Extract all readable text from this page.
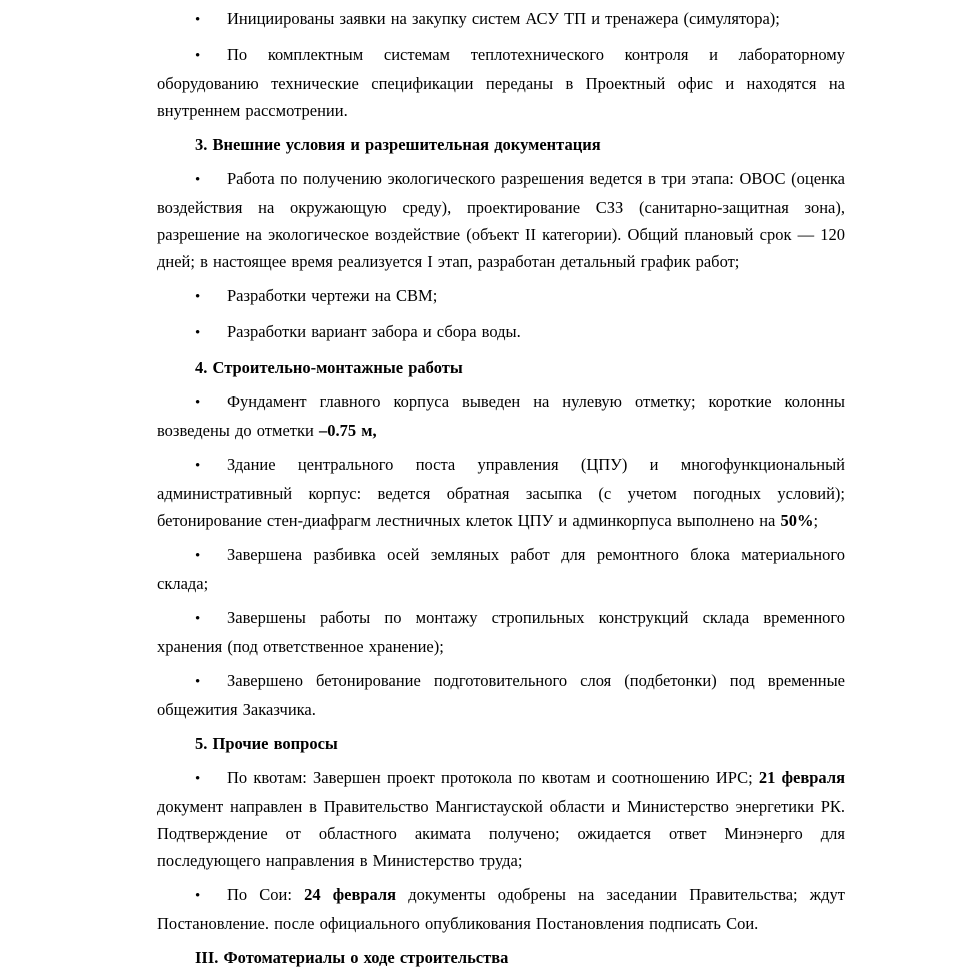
• Инициированы заявки на закупку систем АСУ ТП и тренажера (симулятора);

• По комплектным системам теплотехнического контроля и лабораторному оборудованию технические спецификации переданы в Проектный офис и находятся на внутреннем рассмотрении.

3. Внешние условия и разрешительная документация

• Работа по получению экологического разрешения ведется в три этапа: ОВОС (оценка воздействия на окружающую среду), проектирование СЗЗ (санитарно-защитная зона), разрешение на экологическое воздействие (объект II категории). Общий плановый срок — 120 дней; в настоящее время реализуется I этап, разработан детальный график работ;

• Разработки чертежи на СВМ;

• Разработки вариант забора и сбора воды.

4. Строительно-монтажные работы

• Фундамент главного корпуса выведен на нулевую отметку; короткие колонны возведены до отметки –0.75 м,

• Здание центрального поста управления (ЦПУ) и многофункциональный административный корпус: ведется обратная засыпка (с учетом погодных условий); бетонирование стен-диафрагм лестничных клеток ЦПУ и админкорпуса выполнено на 50%;

• Завершена разбивка осей земляных работ для ремонтного блока материального склада;

• Завершены работы по монтажу стропильных конструкций склада временного хранения (под ответственное хранение);

• Завершено бетонирование подготовительного слоя (подбетонки) под временные общежития Заказчика.

5. Прочие вопросы

• По квотам: Завершен проект протокола по квотам и соотношению ИРС; 21 февраля документ направлен в Правительство Мангистауской области и Министерство энергетики РК. Подтверждение от областного акимата получено; ожидается ответ Минэнерго для последующего направления в Министерство труда;

• По Сои: 24 февраля документы одобрены на заседании Правительства; ждут Постановление. после официального опубликования Постановления подписать Сои.

III. Фотоматериалы о ходе строительства
